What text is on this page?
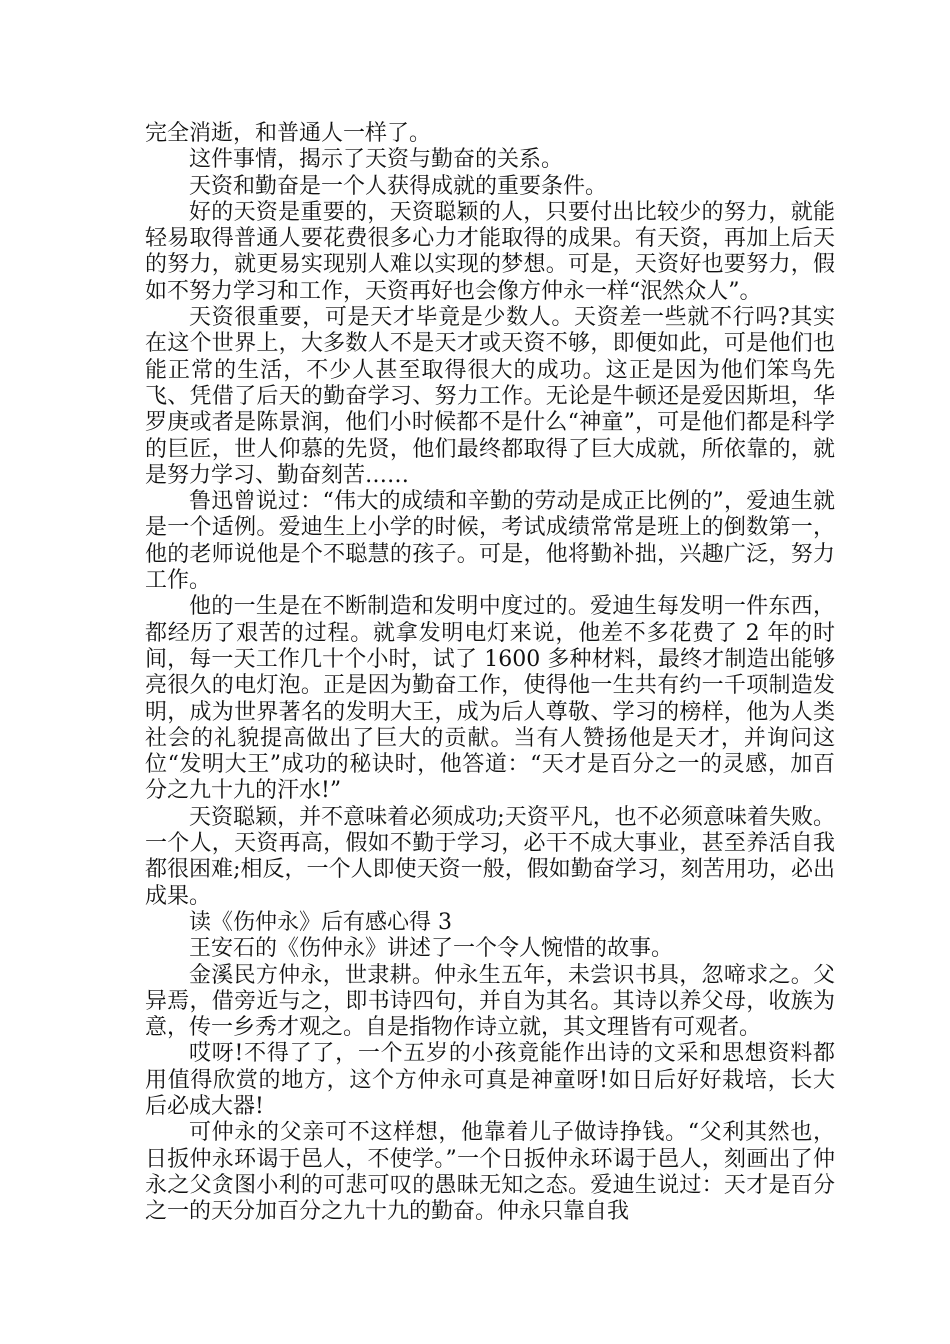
完全消逝，和普通人一样了。

这件事情，揭示了天资与勤奋的关系。

天资和勤奋是一个人获得成就的重要条件。

好的天资是重要的，天资聪颖的人，只要付出比较少的努力，就能轻易取得普通人要花费很多心力才能取得的成果。有天资，再加上后天的努力，就更易实现别人难以实现的梦想。可是，天资好也要努力，假如不努力学习和工作，天资再好也会像方仲永一样“泯然众人”。

天资很重要，可是天才毕竟是少数人。天资差一些就不行吗?其实在这个世界上，大多数人不是天才或天资不够，即便如此，可是他们也能正常的生活，不少人甚至取得很大的成功。这正是因为他们笨鸟先飞、凭借了后天的勤奋学习、努力工作。无论是牛顿还是爱因斯坦，华罗庚或者是陈景润，他们小时候都不是什么“神童”，可是他们都是科学的巨匠，世人仰慕的先贤，他们最终都取得了巨大成就，所依靠的，就是努力学习、勤奋刻苦……

鲁迅曾说过：“伟大的成绩和辛勤的劳动是成正比例的”，爱迪生就是一个适例。爱迪生上小学的时候，考试成绩常常是班上的倒数第一，他的老师说他是个不聪慧的孩子。可是，他将勤补拙，兴趣广泛，努力工作。

他的一生是在不断制造和发明中度过的。爱迪生每发明一件东西，都经历了艰苦的过程。就拿发明电灯来说，他差不多花费了 2 年的时间，每一天工作几十个小时，试了 1600 多种材料，最终才制造出能够亮很久的电灯泡。正是因为勤奋工作，使得他一生共有约一千项制造发明，成为世界著名的发明大王，成为后人尊敬、学习的榜样，他为人类社会的礼貌提高做出了巨大的贡献。当有人赞扬他是天才，并询问这位“发明大王”成功的秘诀时，他答道：“天才是百分之一的灵感，加百分之九十九的汗水!”

天资聪颖，并不意味着必须成功;天资平凡，也不必须意味着失败。一个人，天资再高，假如不勤于学习，必干不成大事业，甚至养活自我都很困难;相反，一个人即使天资一般，假如勤奋学习，刻苦用功，必出成果。

读《伤仲永》后有感心得 3

王安石的《伤仲永》讲述了一个令人惋惜的故事。

金溪民方仲永，世隶耕。仲永生五年，未尝识书具，忽啼求之。父异焉，借旁近与之，即书诗四句，并自为其名。其诗以养父母，收族为意，传一乡秀才观之。自是指物作诗立就，其文理皆有可观者。

哎呀!不得了了，一个五岁的小孩竟能作出诗的文采和思想资料都用值得欣赏的地方，这个方仲永可真是神童呀!如日后好好栽培，长大后必成大器!

可仲永的父亲可不这样想，他靠着儿子做诗挣钱。“父利其然也，日扳仲永环谒于邑人，不使学。”一个日扳仲永环谒于邑人，刻画出了仲永之父贪图小利的可悲可叹的愚昧无知之态。爱迪生说过：天才是百分之一的天分加百分之九十九的勤奋。仲永只靠自我
